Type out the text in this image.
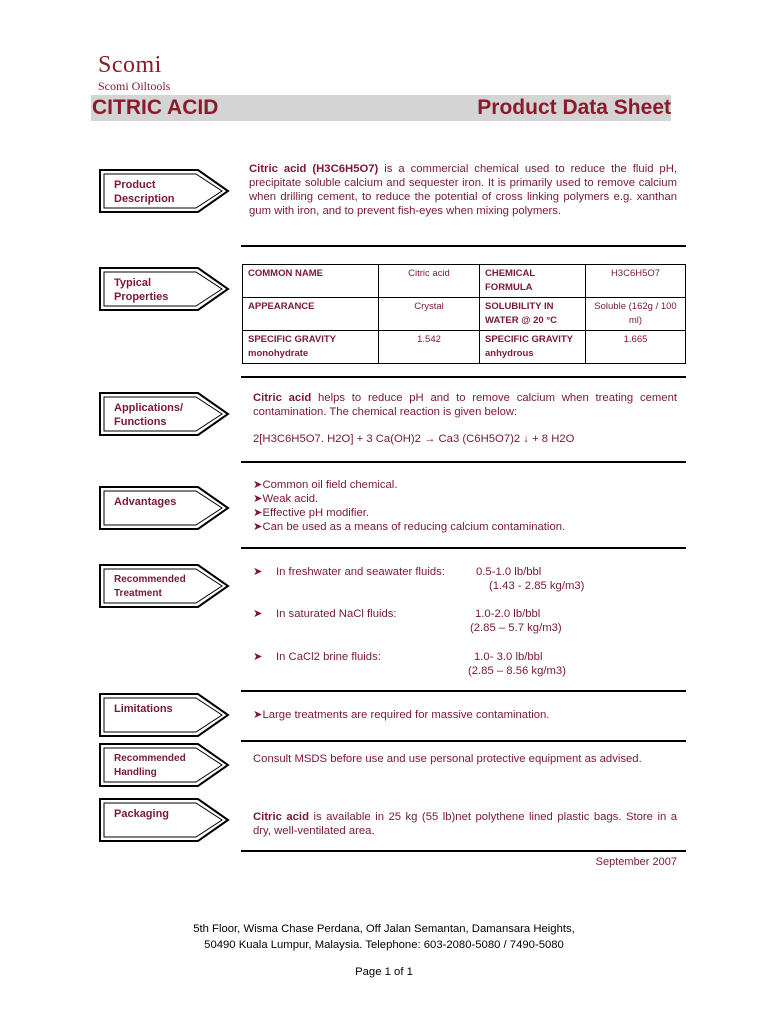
Scomi
Scomi Oiltools
CITRIC ACID	Product Data Sheet
Product
Description
Typical
Properties
Applications/
Functions
Advantages
Recommended
Treatment
Limitations
Recommended
Handling
Packaging
Citric acid (H3C6H5O7) is a commercial chemical used to reduce the fluid pH, precipitate soluble calcium and sequester iron. It is primarily used to remove calcium when drilling cement, to reduce the potential of cross linking polymers e.g. xanthan gum with iron, and to prevent fish-eyes when mixing polymers.
COMMON NAME	Citric acid	CHEMICAL FORMULA	H3C6H5O7
APPEARANCE	Crystal	SOLUBILITY IN WATER @ 20 °C	Soluble (162g / 100 ml)
SPECIFIC GRAVITY monohydrate	1.542	SPECIFIC GRAVITY anhydrous	1.665
Citric acid helps to reduce pH and to remove calcium when treating cement contamination. The chemical reaction is given below:
2[H3C6H5O7. H2O] + 3 Ca(OH)2 → Ca3 (C6H5O7)2 ↓ + 8 H2O
➤Common oil field chemical.
➤Weak acid.
➤Effective pH modifier.
➤Can be used as a means of reducing calcium contamination.
➤ In freshwater and seawater fluids:	0.5-1.0 lb/bbl
(1.43 - 2.85 kg/m3)
➤ In saturated NaCl fluids:	1.0-2.0 lb/bbl
(2.85 – 5.7 kg/m3)
➤ In CaCl2 brine fluids:	1.0- 3.0 lb/bbl
(2.85 – 8.56 kg/m3)
➤Large treatments are required for massive contamination.
Consult MSDS before use and use personal protective equipment as advised.
Citric acid is available in 25 kg (55 lb)net polythene lined plastic bags. Store in a dry, well-ventilated area.
September 2007
5th Floor, Wisma Chase Perdana, Off Jalan Semantan, Damansara Heights,
50490 Kuala Lumpur, Malaysia. Telephone: 603-2080-5080 / 7490-5080
Page 1 of 1
